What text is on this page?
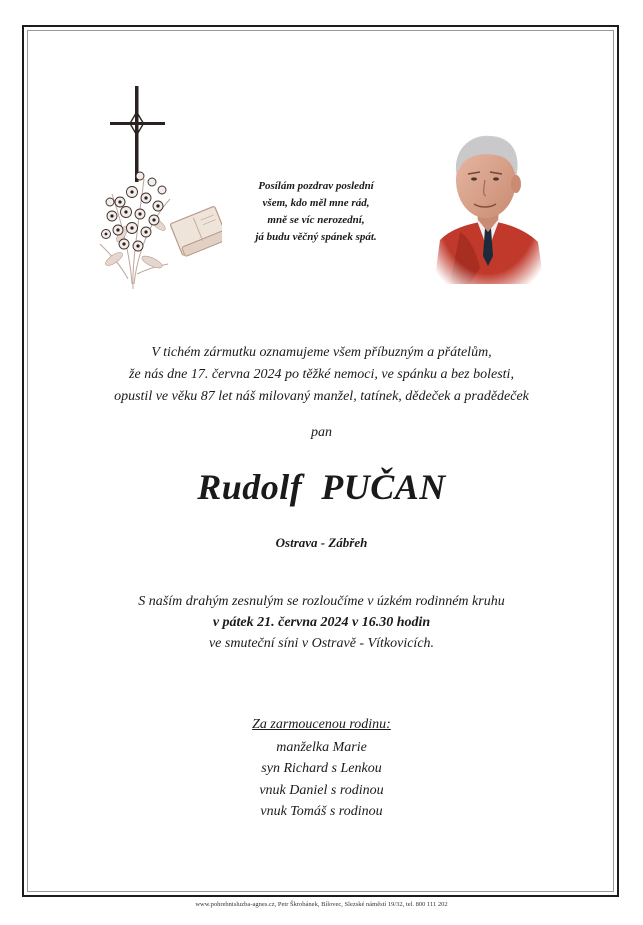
Posílám pozdrav poslední
všem, kdo měl mne rád,
mně se víc nerozední,
já budu věčný spánek spát.
V tichém zármutku oznamujeme všem příbuzným a přátelům,
že nás dne 17. června 2024 po těžké nemoci, ve spánku a bez bolesti,
opustil ve věku 87 let náš milovaný manžel, tatínek, dědeček a pradědeček
pan
Rudolf  PUČAN
Ostrava - Zábřeh
S naším drahým zesnulým se rozloučíme v úzkém rodinném kruhu
v pátek 21. června 2024 v 16.30 hodin
ve smuteční síni v Ostravě - Vítkovicích.
Za zarmoucenou rodinu:
manželka Marie
syn Richard s Lenkou
vnuk Daniel s rodinou
vnuk Tomáš s rodinou
www.pohrebnisluzba-agnes.cz, Petr Škrobánek, Bílovec, Slezské náměstí 19/32, tel. 800 111 202
